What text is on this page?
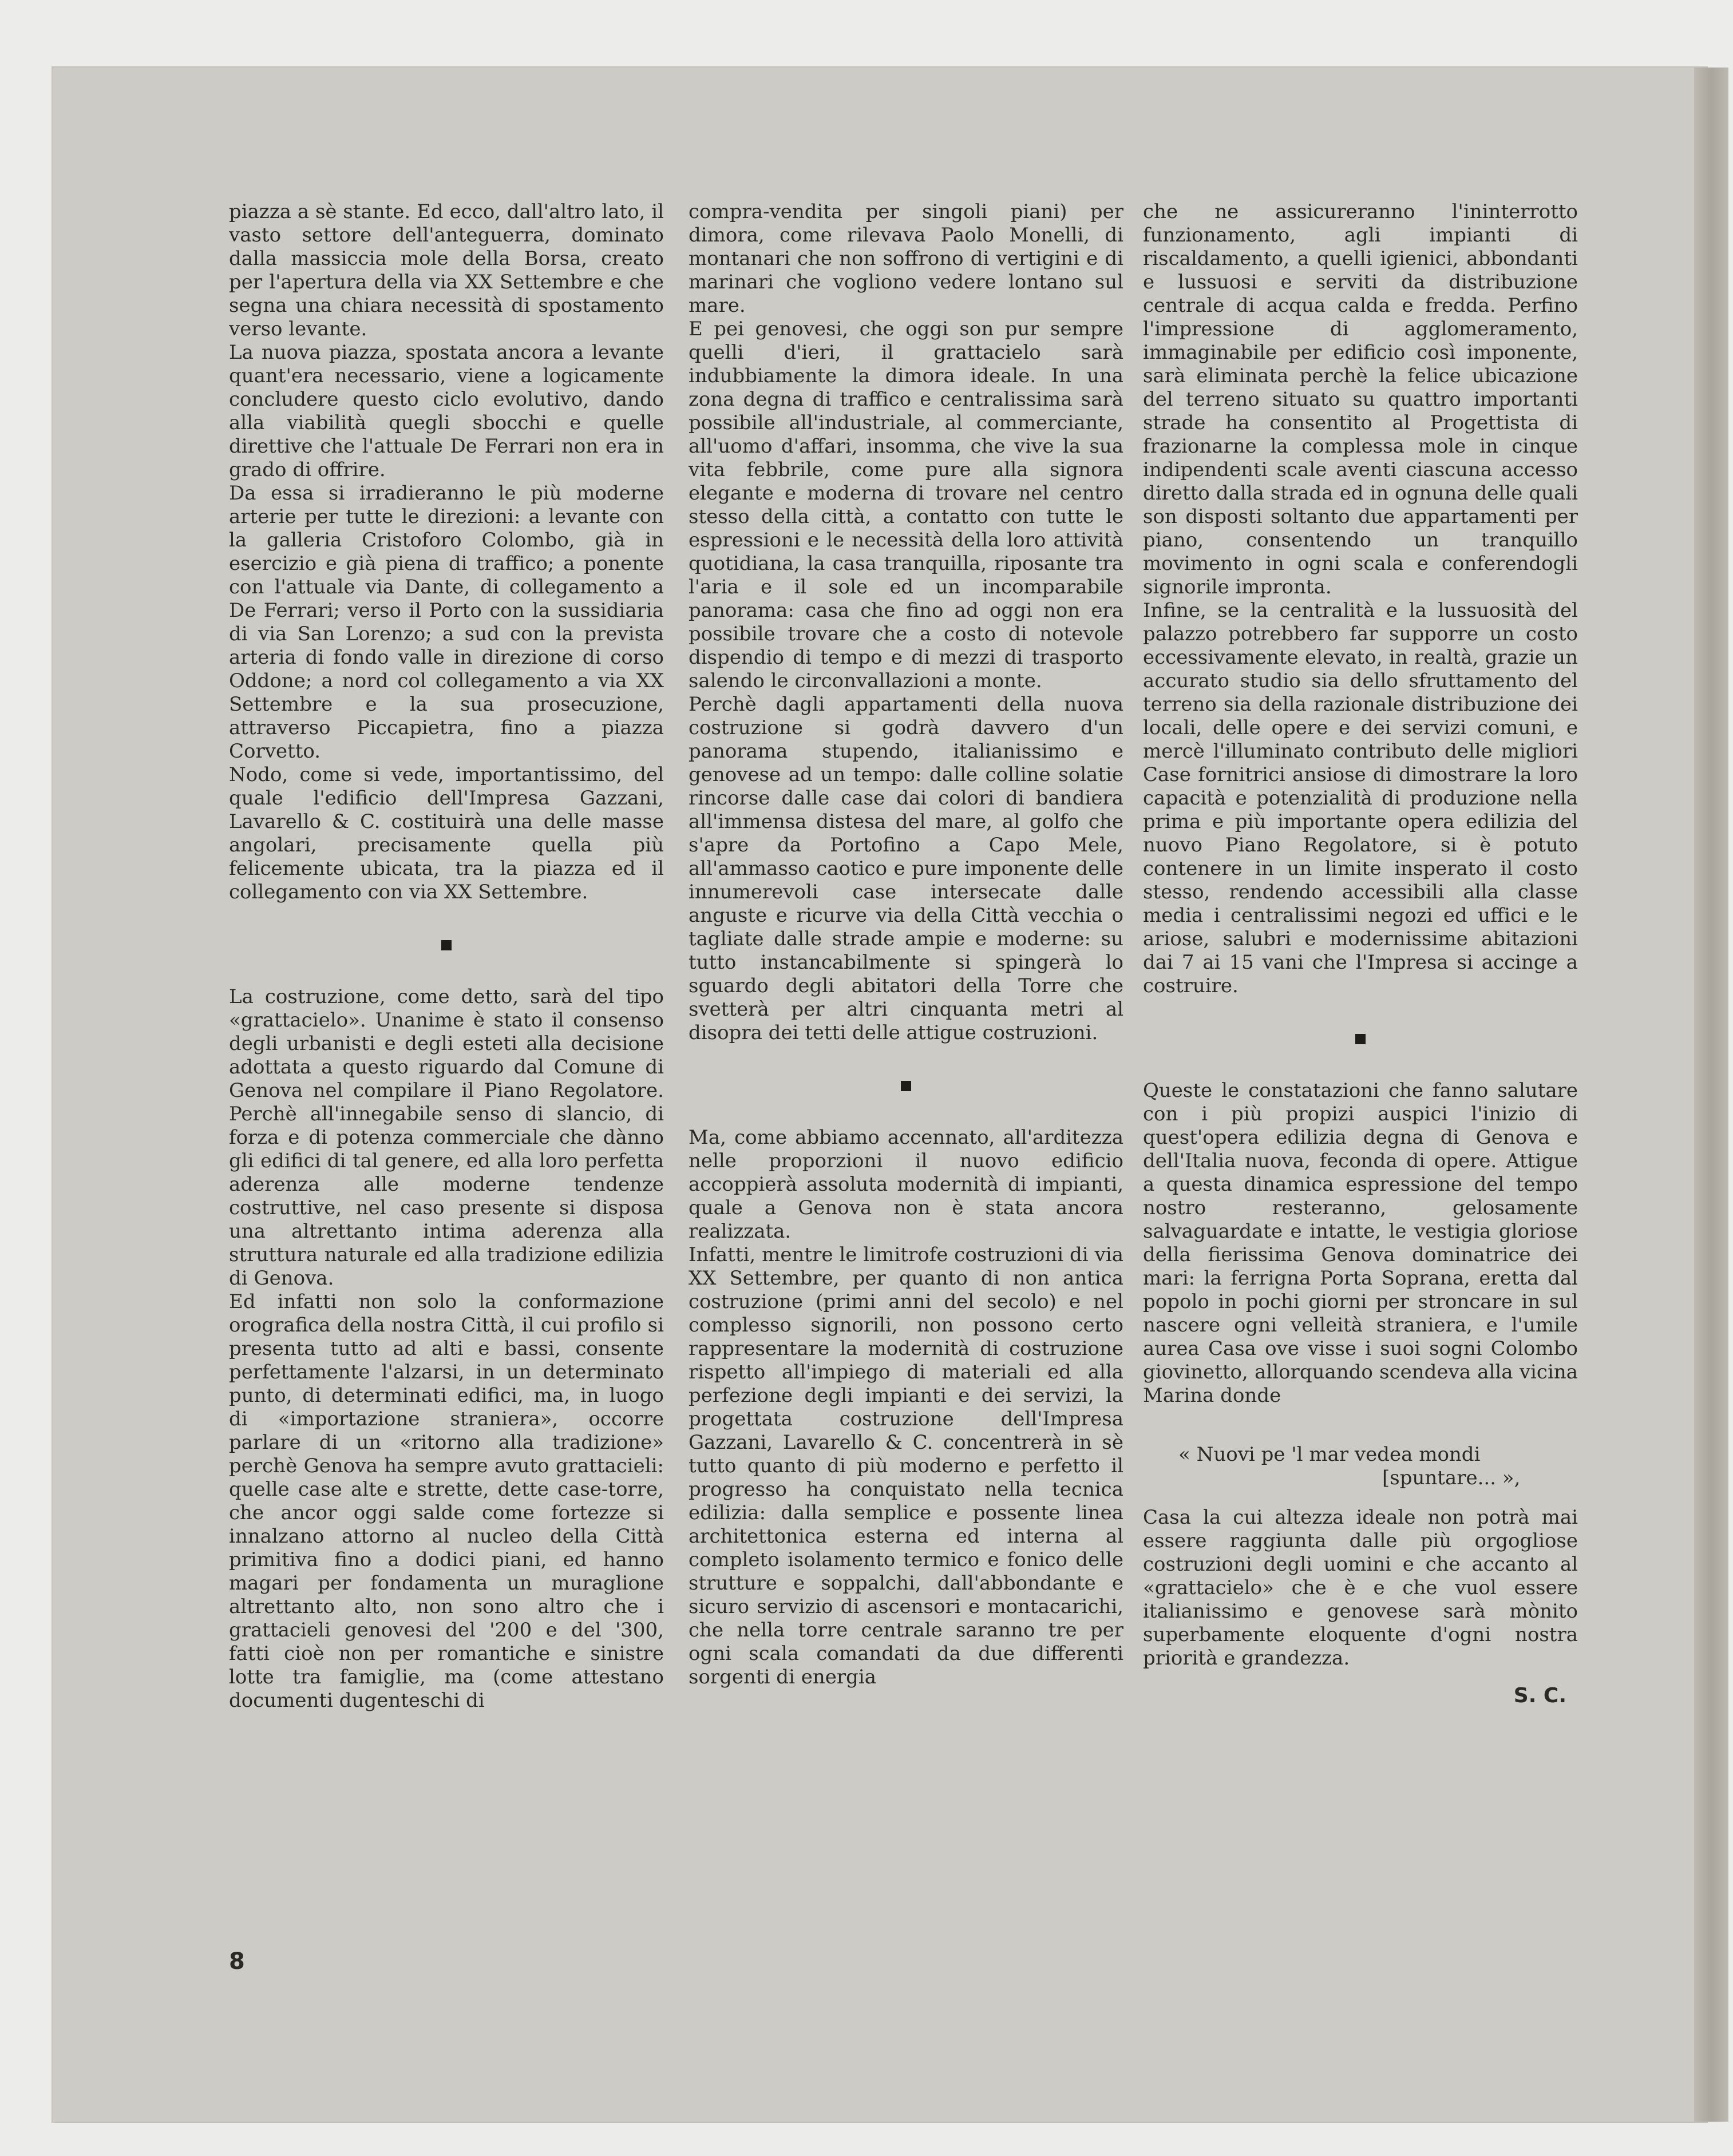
piazza a sè stante. Ed ecco, dall'altro lato, il vasto settore dell'anteguerra, dominato dalla massiccia mole della Borsa, creato per l'apertura della via XX Settembre e che segna una chiara necessità di spostamento verso levante.

La nuova piazza, spostata ancora a levante quant'era necessario, viene a logicamente concludere questo ciclo evolutivo, dando alla viabilità quegli sbocchi e quelle direttive che l'attuale De Ferrari non era in grado di offrire.

Da essa si irradieranno le più moderne arterie per tutte le direzioni: a levante con la galleria Cristoforo Colombo, già in esercizio e già piena di traffico; a ponente con l'attuale via Dante, di collegamento a De Ferrari; verso il Porto con la sussidiaria di via San Lorenzo; a sud con la prevista arteria di fondo valle in direzione di corso Oddone; a nord col collegamento a via XX Settembre e la sua prosecuzione, attraverso Piccapietra, fino a piazza Corvetto.

Nodo, come si vede, importantissimo, del quale l'edificio dell'Impresa Gazzani, Lavarello & C. costituirà una delle masse angolari, precisamente quella più felicemente ubicata, tra la piazza ed il collegamento con via XX Settembre.

La costruzione, come detto, sarà del tipo «grattacielo». Unanime è stato il consenso degli urbanisti e degli esteti alla decisione adottata a questo riguardo dal Comune di Genova nel compilare il Piano Regolatore. Perchè all'innegabile senso di slancio, di forza e di potenza commerciale che dànno gli edifici di tal genere, ed alla loro perfetta aderenza alle moderne tendenze costruttive, nel caso presente si disposa una altrettanto intima aderenza alla struttura naturale ed alla tradizione edilizia di Genova.

Ed infatti non solo la conformazione orografica della nostra Città, il cui profilo si presenta tutto ad alti e bassi, consente perfettamente l'alzarsi, in un determinato punto, di determinati edifici, ma, in luogo di «importazione straniera», occorre parlare di un «ritorno alla tradizione» perchè Genova ha sempre avuto grattacieli: quelle case alte e strette, dette case-torre, che ancor oggi salde come fortezze si innalzano attorno al nucleo della Città primitiva fino a dodici piani, ed hanno magari per fondamenta un muraglione altrettanto alto, non sono altro che i grattacieli genovesi del '200 e del '300, fatti cioè non per romantiche e sinistre lotte tra famiglie, ma (come attestano documenti dugenteschi di

compra-vendita per singoli piani) per dimora, come rilevava Paolo Monelli, di montanari che non soffrono di vertigini e di marinari che vogliono vedere lontano sul mare.

E pei genovesi, che oggi son pur sempre quelli d'ieri, il grattacielo sarà indubbiamente la dimora ideale. In una zona degna di traffico e centralissima sarà possibile all'industriale, al commerciante, all'uomo d'affari, insomma, che vive la sua vita febbrile, come pure alla signora elegante e moderna di trovare nel centro stesso della città, a contatto con tutte le espressioni e le necessità della loro attività quotidiana, la casa tranquilla, riposante tra l'aria e il sole ed un incomparabile panorama: casa che fino ad oggi non era possibile trovare che a costo di notevole dispendio di tempo e di mezzi di trasporto salendo le circonvallazioni a monte.

Perchè dagli appartamenti della nuova costruzione si godrà davvero d'un panorama stupendo, italianissimo e genovese ad un tempo: dalle colline solatie rincorse dalle case dai colori di bandiera all'immensa distesa del mare, al golfo che s'apre da Portofino a Capo Mele, all'ammasso caotico e pure imponente delle innumerevoli case intersecate dalle anguste e ricurve via della Città vecchia o tagliate dalle strade ampie e moderne: su tutto instancabilmente si spingerà lo sguardo degli abitatori della Torre che svetterà per altri cinquanta metri al disopra dei tetti delle attigue costruzioni.

Ma, come abbiamo accennato, all'arditezza nelle proporzioni il nuovo edificio accoppierà assoluta modernità di impianti, quale a Genova non è stata ancora realizzata.

Infatti, mentre le limitrofe costruzioni di via XX Settembre, per quanto di non antica costruzione (primi anni del secolo) e nel complesso signorili, non possono certo rappresentare la modernità di costruzione rispetto all'impiego di materiali ed alla perfezione degli impianti e dei servizi, la progettata costruzione dell'Impresa Gazzani, Lavarello & C. concentrerà in sè tutto quanto di più moderno e perfetto il progresso ha conquistato nella tecnica edilizia: dalla semplice e possente linea architettonica esterna ed interna al completo isolamento termico e fonico delle strutture e soppalchi, dall'abbondante e sicuro servizio di ascensori e montacarichi, che nella torre centrale saranno tre per ogni scala comandati da due differenti sorgenti di energia

che ne assicureranno l'ininterrotto funzionamento, agli impianti di riscaldamento, a quelli igienici, abbondanti e lussuosi e serviti da distribuzione centrale di acqua calda e fredda. Perfino l'impressione di agglomeramento, immaginabile per edificio così imponente, sarà eliminata perchè la felice ubicazione del terreno situato su quattro importanti strade ha consentito al Progettista di frazionarne la complessa mole in cinque indipendenti scale aventi ciascuna accesso diretto dalla strada ed in ognuna delle quali son disposti soltanto due appartamenti per piano, consentendo un tranquillo movimento in ogni scala e conferendogli signorile impronta.

Infine, se la centralità e la lussuosità del palazzo potrebbero far supporre un costo eccessivamente elevato, in realtà, grazie un accurato studio sia dello sfruttamento del terreno sia della razionale distribuzione dei locali, delle opere e dei servizi comuni, e mercè l'illuminato contributo delle migliori Case fornitrici ansiose di dimostrare la loro capacità e potenzialità di produzione nella prima e più importante opera edilizia del nuovo Piano Regolatore, si è potuto contenere in un limite insperato il costo stesso, rendendo accessibili alla classe media i centralissimi negozi ed uffici e le ariose, salubri e modernissime abitazioni dai 7 ai 15 vani che l'Impresa si accinge a costruire.

Queste le constatazioni che fanno salutare con i più propizi auspici l'inizio di quest'opera edilizia degna di Genova e dell'Italia nuova, feconda di opere. Attigue a questa dinamica espressione del tempo nostro resteranno, gelosamente salvaguardate e intatte, le vestigia gloriose della fierissima Genova dominatrice dei mari: la ferrigna Porta Soprana, eretta dal popolo in pochi giorni per stroncare in sul nascere ogni velleità straniera, e l'umile aurea Casa ove visse i suoi sogni Colombo giovinetto, allorquando scendeva alla vicina Marina donde

« Nuovi pe 'l mar vedea mondi
[spuntare... »,

Casa la cui altezza ideale non potrà mai essere raggiunta dalle più orgogliose costruzioni degli uomini e che accanto al «grattacielo» che è e che vuol essere italianissimo e genovese sarà mònito superbamente eloquente d'ogni nostra priorità e grandezza.

S. C.
8
